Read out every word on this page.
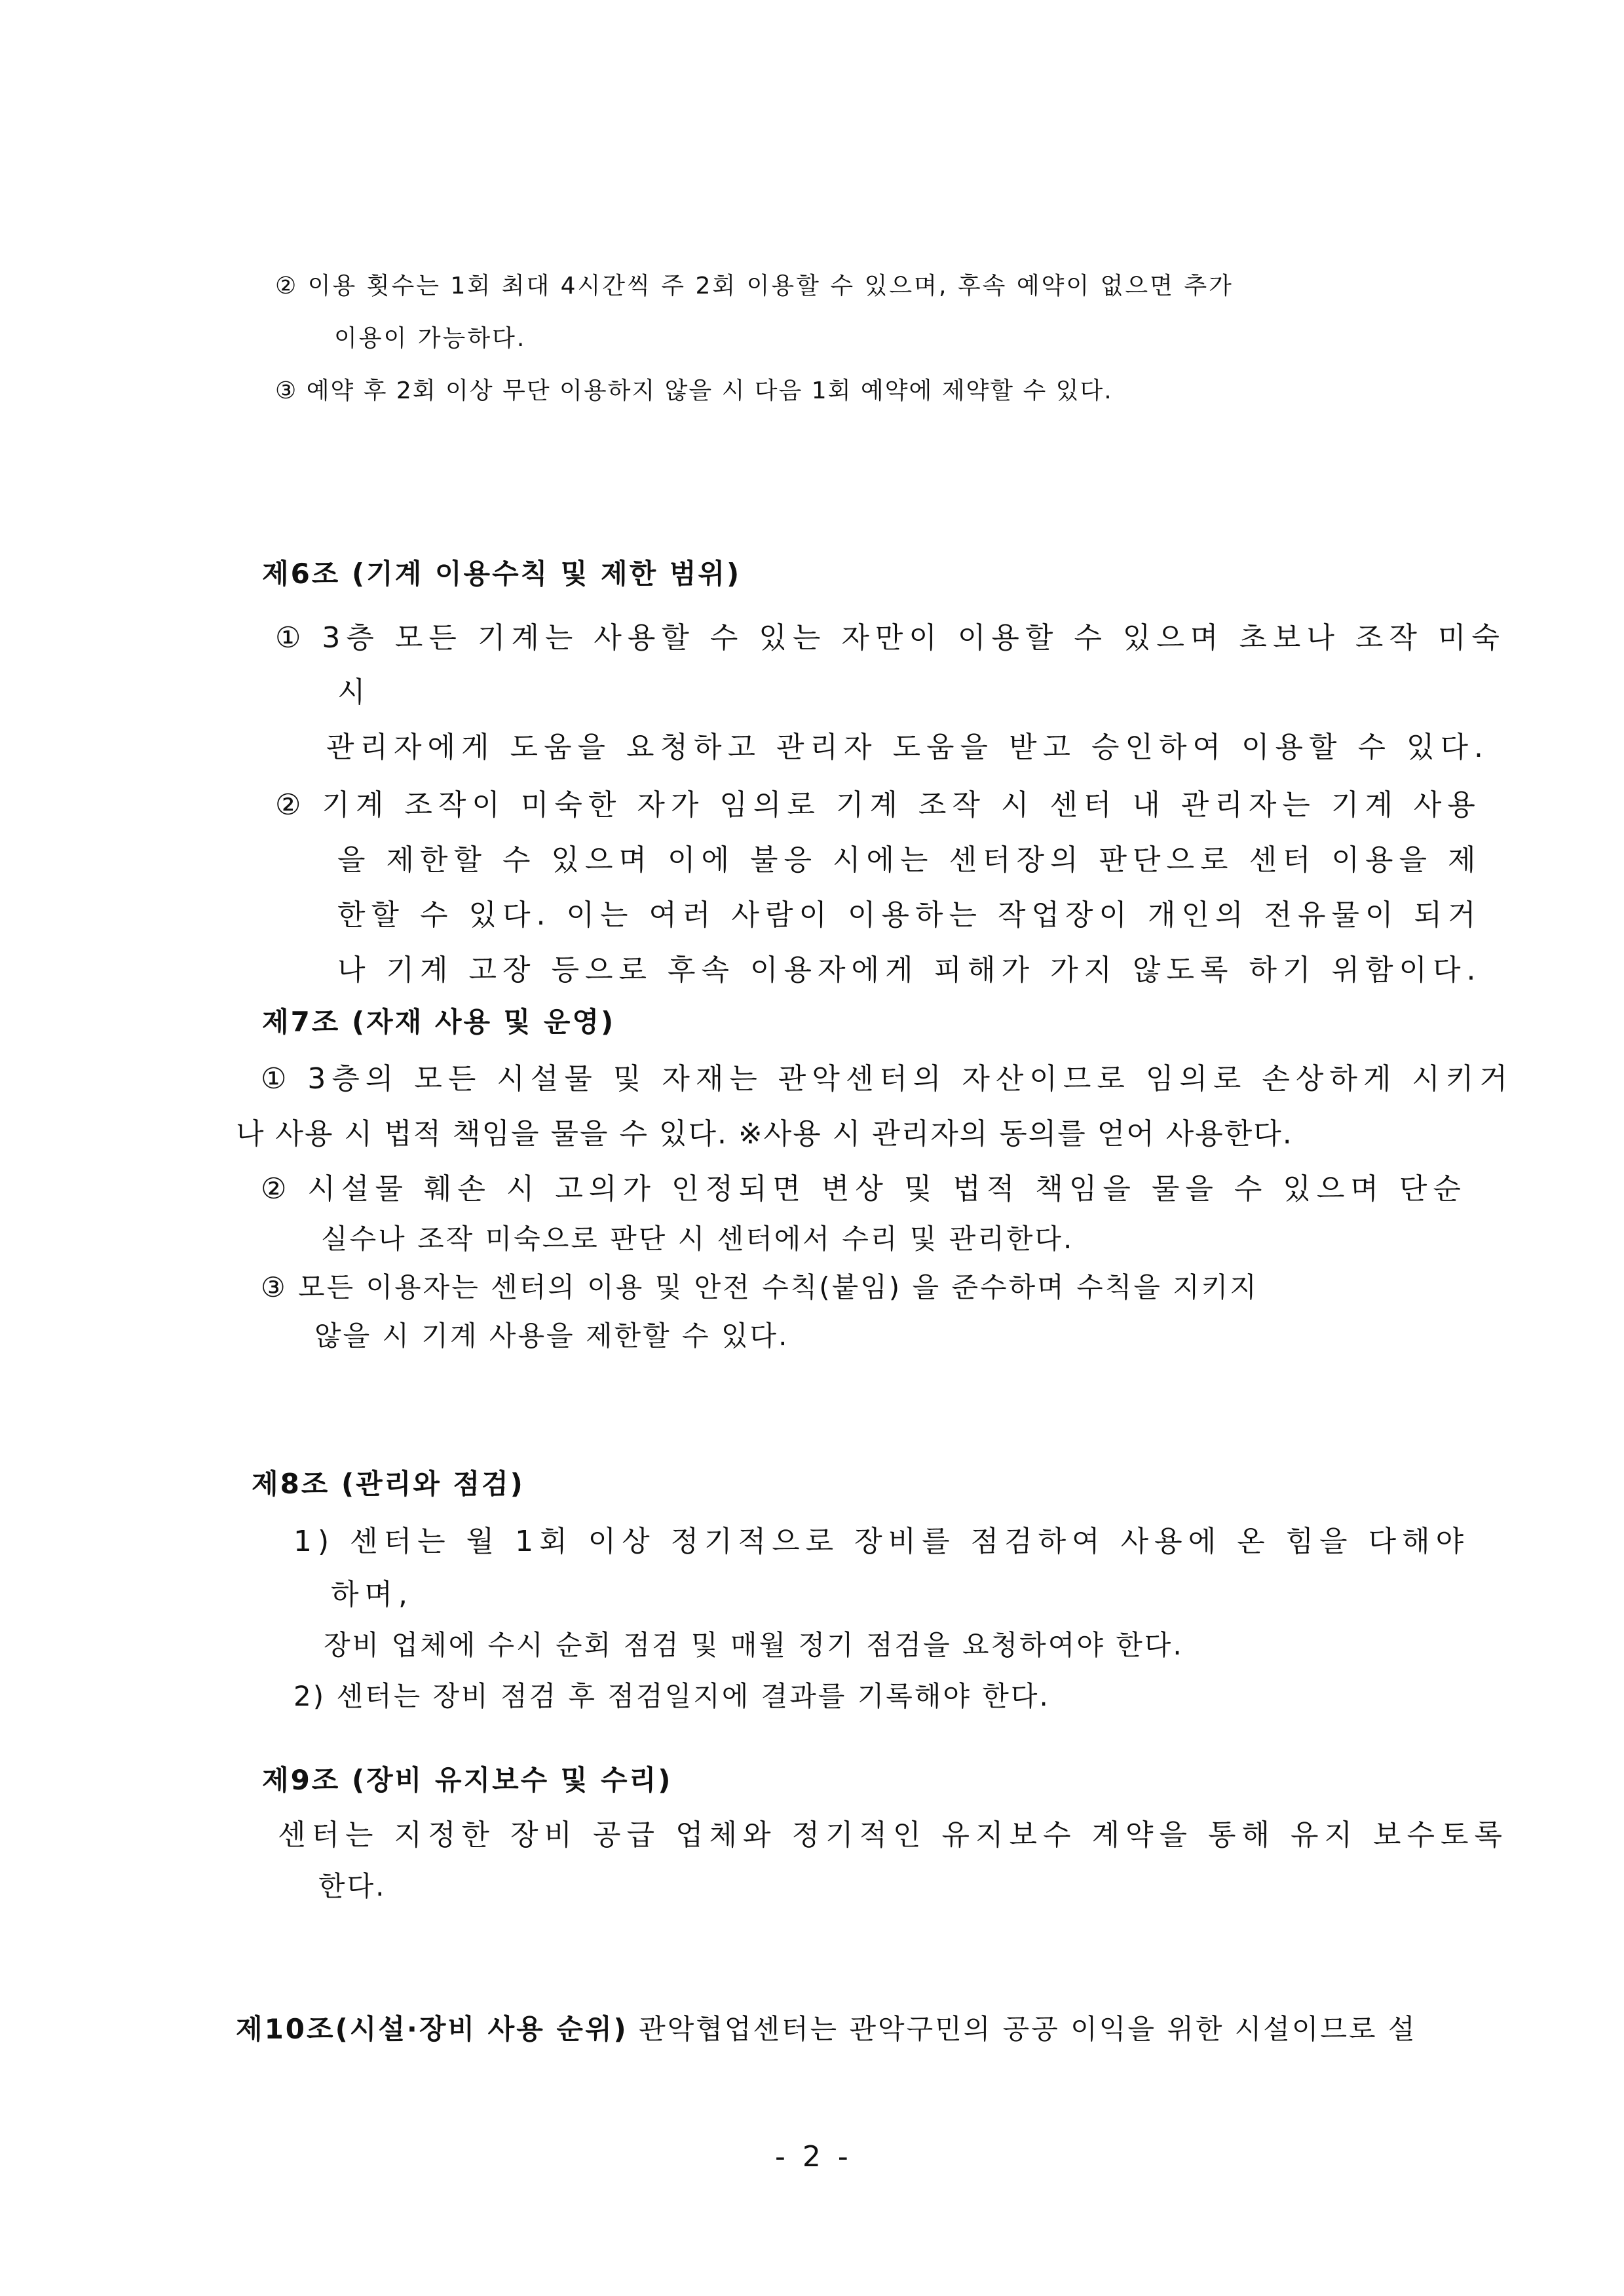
② 이용 횟수는 1회 최대 4시간씩 주 2회 이용할 수 있으며, 후속 예약이 없으면 추가

이용이 가능하다.

③ 예약 후 2회 이상 무단 이용하지 않을 시 다음 1회 예약에 제약할 수 있다.

제6조 (기계 이용수칙 및 제한 범위)

① 3층 모든 기계는 사용할 수 있는 자만이 이용할 수 있으며 초보나 조작 미숙

시

관리자에게 도움을 요청하고 관리자 도움을 받고 승인하여 이용할 수 있다.

② 기계 조작이 미숙한 자가 임의로 기계 조작 시 센터 내 관리자는 기계 사용

을 제한할 수 있으며 이에 불응 시에는 센터장의 판단으로 센터 이용을 제

한할 수 있다. 이는 여러 사람이 이용하는 작업장이 개인의 전유물이 되거

나 기계 고장 등으로 후속 이용자에게 피해가 가지 않도록 하기 위함이다.

제7조 (자재 사용 및 운영)

① 3층의 모든 시설물 및 자재는 관악센터의 자산이므로 임의로 손상하게 시키거

나 사용 시 법적 책임을 물을 수 있다. ※사용 시 관리자의 동의를 얻어 사용한다.

② 시설물 훼손 시 고의가 인정되면 변상 및 법적 책임을 물을 수 있으며 단순

실수나 조작 미숙으로 판단 시 센터에서 수리 및 관리한다.

③ 모든 이용자는 센터의 이용 및 안전 수칙(붙임) 을 준수하며 수칙을 지키지

않을 시 기계 사용을 제한할 수 있다.

제8조 (관리와 점검)

1) 센터는 월 1회 이상 정기적으로 장비를 점검하여 사용에 온 힘을 다해야

하며,

장비 업체에 수시 순회 점검 및 매월 정기 점검을 요청하여야 한다.

2) 센터는 장비 점검 후 점검일지에 결과를 기록해야 한다.

제9조 (장비 유지보수 및 수리)

센터는 지정한 장비 공급 업체와 정기적인 유지보수 계약을 통해 유지 보수토록

한다.

제10조(시설·장비 사용 순위) 관악협업센터는 관악구민의 공공 이익을 위한 시설이므로 설

- 2 -
